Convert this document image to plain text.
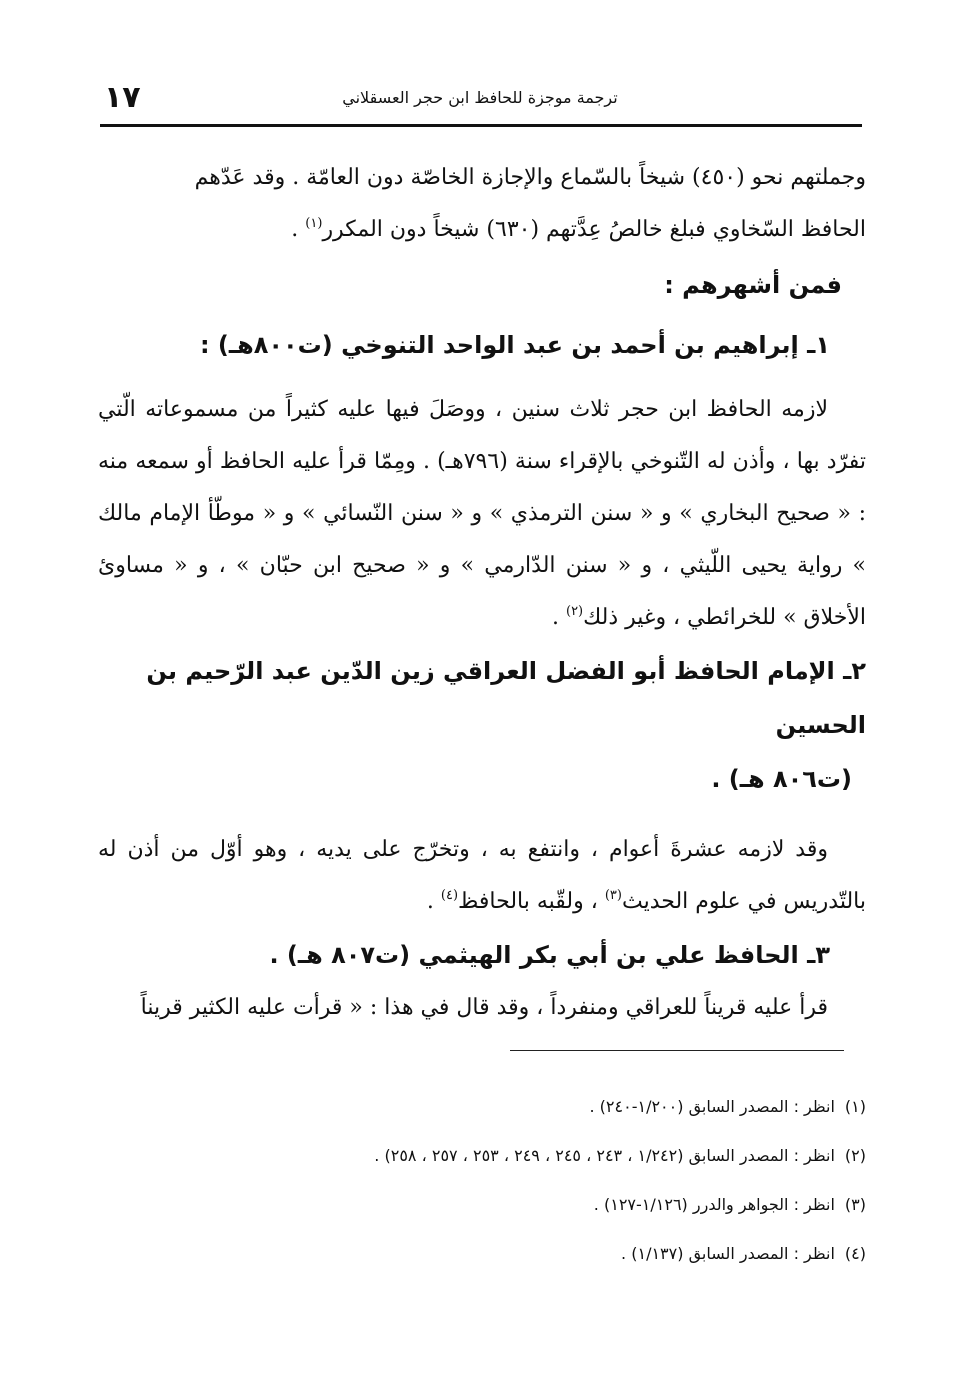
١٧	ترجمة موجزة للحافظ ابن حجر العسقلاني

وجملتهم نحو (٤٥٠) شيخاً بالسّماع والإجازة الخاصّة دون العامّة . وقد عَدّهم
الحافظ السّخاوي فبلغ خالصُ عِدَّتهم (٦٣٠) شيخاً دون المكرر$^{(١)}$ .

فمن أشهرهم :

١ـ إبراهيم بن أحمد بن عبد الواحد التنوخي (ت٨٠٠هـ) :

لازمه الحافظ ابن حجر ثلاث سنين ، ووصَلَ فيها عليه كثيراً من مسموعاته الّتي تفرّد بها ، وأذن له التّنوخي بالإقراء سنة (٧٩٦هـ) . ومِمّا قرأ عليه الحافظ أو سمعه منه : « صحيح البخاري » و « سنن الترمذي » و « سنن النّسائي » و « موطّأ الإمام مالك » رواية يحيى اللّيثي ، و « سنن الدّارمي » و « صحيح ابن حبّان » ، و « مساوئ الأخلاق » للخرائطي ، وغير ذلك$^{(٢)}$ .

٢ـ الإمام الحافظ أبو الفضل العراقي زين الدّين عبد الرّحيم بن الحسين
(ت٨٠٦ هـ) .

وقد لازمه عشرةَ أعوام ، وانتفع به ، وتخرّج على يديه ، وهو أوّل من أذن له بالتّدريس في علوم الحديث$^{(٣)}$ ، ولقّبه بالحافظ$^{(٤)}$ .

٣ـ الحافظ علي بن أبي بكر الهيثمي (ت٨٠٧ هـ) .

قرأ عليه قريناً للعراقي ومنفرداً ، وقد قال في هذا : « قرأت عليه الكثير قريناً

(١)انظر : المصدر السابق (١/٢٠٠-٢٤٠) .

(٢)انظر : المصدر السابق (١/٢٤٢ ، ٢٤٣ ، ٢٤٥ ، ٢٤٩ ، ٢٥٣ ، ٢٥٧ ، ٢٥٨) .

(٣)انظر : الجواهر والدرر (١/١٢٦-١٢٧) .

(٤)انظر : المصدر السابق (١/١٣٧) .
